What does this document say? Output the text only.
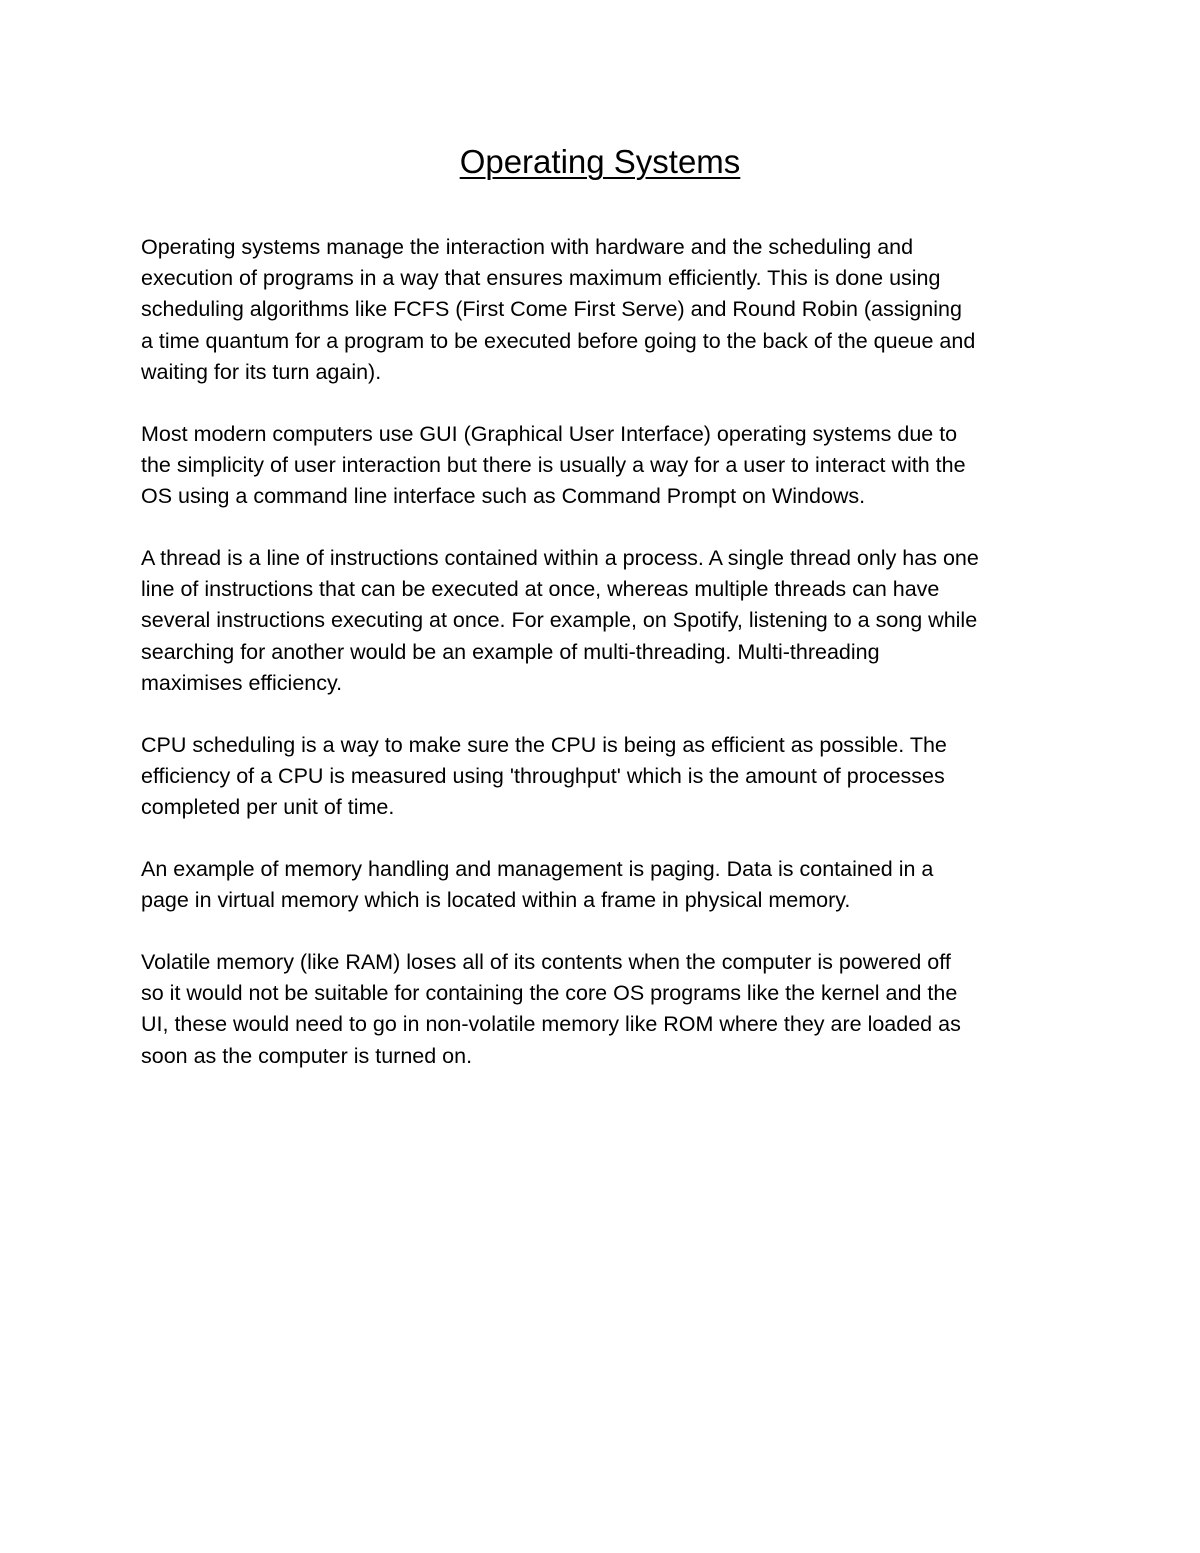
Operating Systems
Operating systems manage the interaction with hardware and the scheduling and
execution of programs in a way that ensures maximum efficiently. This is done using
scheduling algorithms like FCFS (First Come First Serve) and Round Robin (assigning
a time quantum for a program to be executed before going to the back of the queue and
waiting for its turn again).
Most modern computers use GUI (Graphical User Interface) operating systems due to
the simplicity of user interaction but there is usually a way for a user to interact with the
OS using a command line interface such as Command Prompt on Windows.
A thread is a line of instructions contained within a process. A single thread only has one
line of instructions that can be executed at once, whereas multiple threads can have
several instructions executing at once. For example, on Spotify, listening to a song while
searching for another would be an example of multi-threading. Multi-threading
maximises efficiency.
CPU scheduling is a way to make sure the CPU is being as efficient as possible. The
efficiency of a CPU is measured using 'throughput' which is the amount of processes
completed per unit of time.
An example of memory handling and management is paging. Data is contained in a
page in virtual memory which is located within a frame in physical memory.
Volatile memory (like RAM) loses all of its contents when the computer is powered off
so it would not be suitable for containing the core OS programs like the kernel and the
UI, these would need to go in non-volatile memory like ROM where they are loaded as
soon as the computer is turned on.
